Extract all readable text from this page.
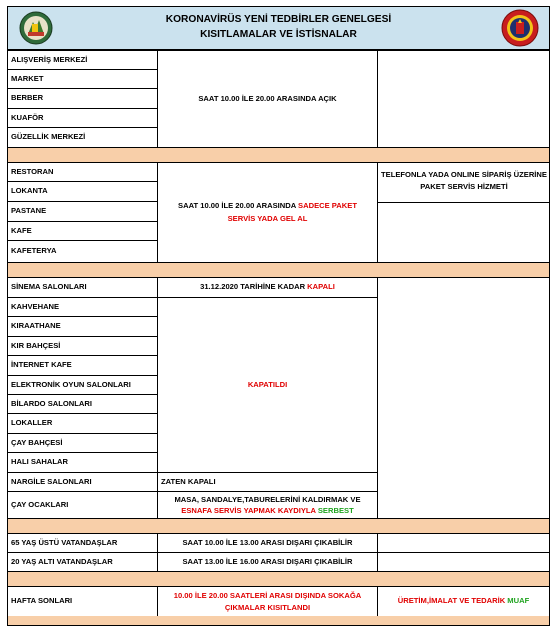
KORONAVİRÜS YENİ TEDBİRLER GENELGESİ
KISITLAMALAR VE İSTİSNALAR
ALIŞVERİŞ MERKEZİ
MARKET
BERBER
KUAFÖR
GÜZELLİK MERKEZİ
SAAT 10.00 İLE 20.00 ARASINDA AÇIK
RESTORAN
LOKANTA
PASTANE
KAFE
KAFETERYA
SAAT 10.00 İLE 20.00 ARASINDA SADECE PAKET SERVİS YADA GEL AL
TELEFONLA YADA ONLINE SİPARİŞ ÜZERİNE PAKET SERVİS HİZMETİ
SİNEMA SALONLARI
KAHVEHANE
KIRAATHANE
KIR BAHÇESİ
İNTERNET KAFE
ELEKTRONİK OYUN SALONLARI
BİLARDO SALONLARI
LOKALLER
ÇAY BAHÇESİ
HALI SAHALAR
NARGİLE SALONLARI
ÇAY OCAKLARI
31.12.2020 TARİHİNE KADAR KAPALI
KAPATILDI
ZATEN KAPALI
MASA, SANDALYE,TABURELERİNİ KALDIRMAK VE
ESNAFA SERVİS YAPMAK KAYDIYLA SERBEST
65 YAŞ ÜSTÜ VATANDAŞLAR	SAAT 10.00 İLE 13.00 ARASI DIŞARI ÇIKABİLİR
20 YAŞ ALTI VATANDAŞLAR	SAAT 13.00 İLE 16.00 ARASI DIŞARI ÇIKABİLİR
HAFTA SONLARI
10.00 İLE 20.00 SAATLERİ ARASI DIŞINDA SOKAĞA ÇIKMALAR KISITLANDI
ÜRETİM,İMALAT VE TEDARİK MUAF
